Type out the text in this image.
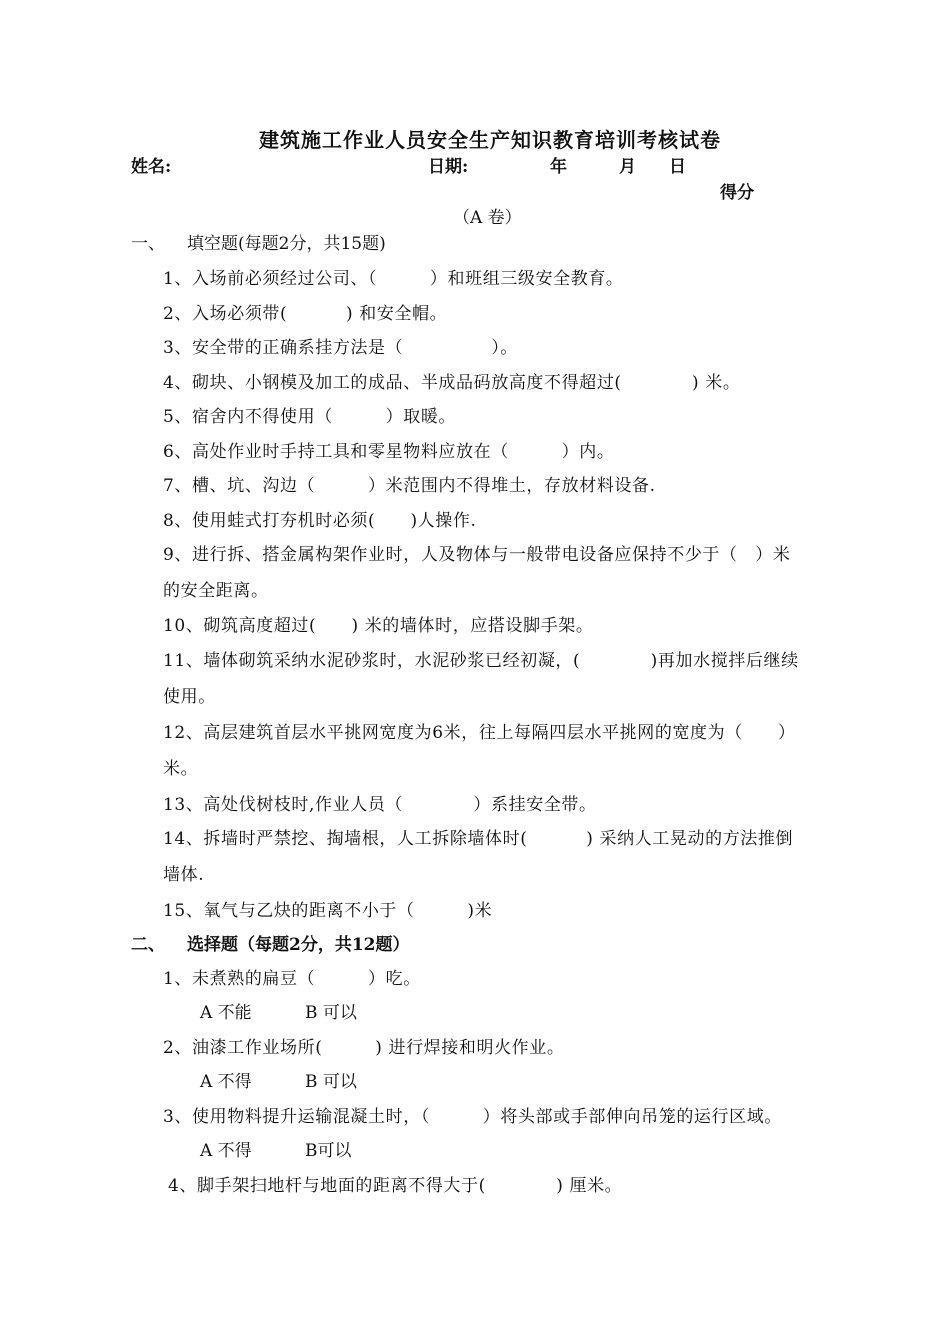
建筑施工作业人员安全生产知识教育培训考核试卷
姓名:	日期:	年	月 日
得分
（A 卷）
一、 填空题(每题2分，共15题)
1、入场前必须经过公司、（　　　）和班组三级安全教育。
2、入场必须带(　　　 ) 和安全帽。
3、安全带的正确系挂方法是（　　　　　）。
4、砌块、小钢模及加工的成品、半成品码放高度不得超过(　　　　) 米。
5、宿舍内不得使用（　　　）取暖。
6、高处作业时手持工具和零星物料应放在（　　　）内。
7、槽、坑、沟边（　　　）米范围内不得堆土，存放材料设备.
8、使用蛙式打夯机时必须(　　)人操作.
9、进行拆、搭金属构架作业时，人及物体与一般带电设备应保持不少于（　）米
的安全距离。
10、砌筑高度超过(　　) 米的墙体时，应搭设脚手架。
11、墙体砌筑采纳水泥砂浆时，水泥砂浆已经初凝，(　　　　)再加水搅拌后继续
使用。
12、高层建筑首层水平挑网宽度为6米，往上每隔四层水平挑网的宽度为（　　）
米。
13、高处伐树枝时,作业人员（　　　　）系挂安全带。
14、拆墙时严禁挖、掏墙根，人工拆除墙体时(　　　 ) 采纳人工晃动的方法推倒
墙体.
15、氧气与乙炔的距离不小于（　　　)米
二、 选择题（每题2分，共12题）
1、未煮熟的扁豆（　　　）吃。
A 不能	B 可以
2、油漆工作业场所(　　　) 进行焊接和明火作业。
A 不得	B 可以
3、使用物料提升运输混凝土时，（　　　）将头部或手部伸向吊笼的运行区域。
A 不得	B可以
4、脚手架扫地杆与地面的距离不得大于(　　　　) 厘米。
